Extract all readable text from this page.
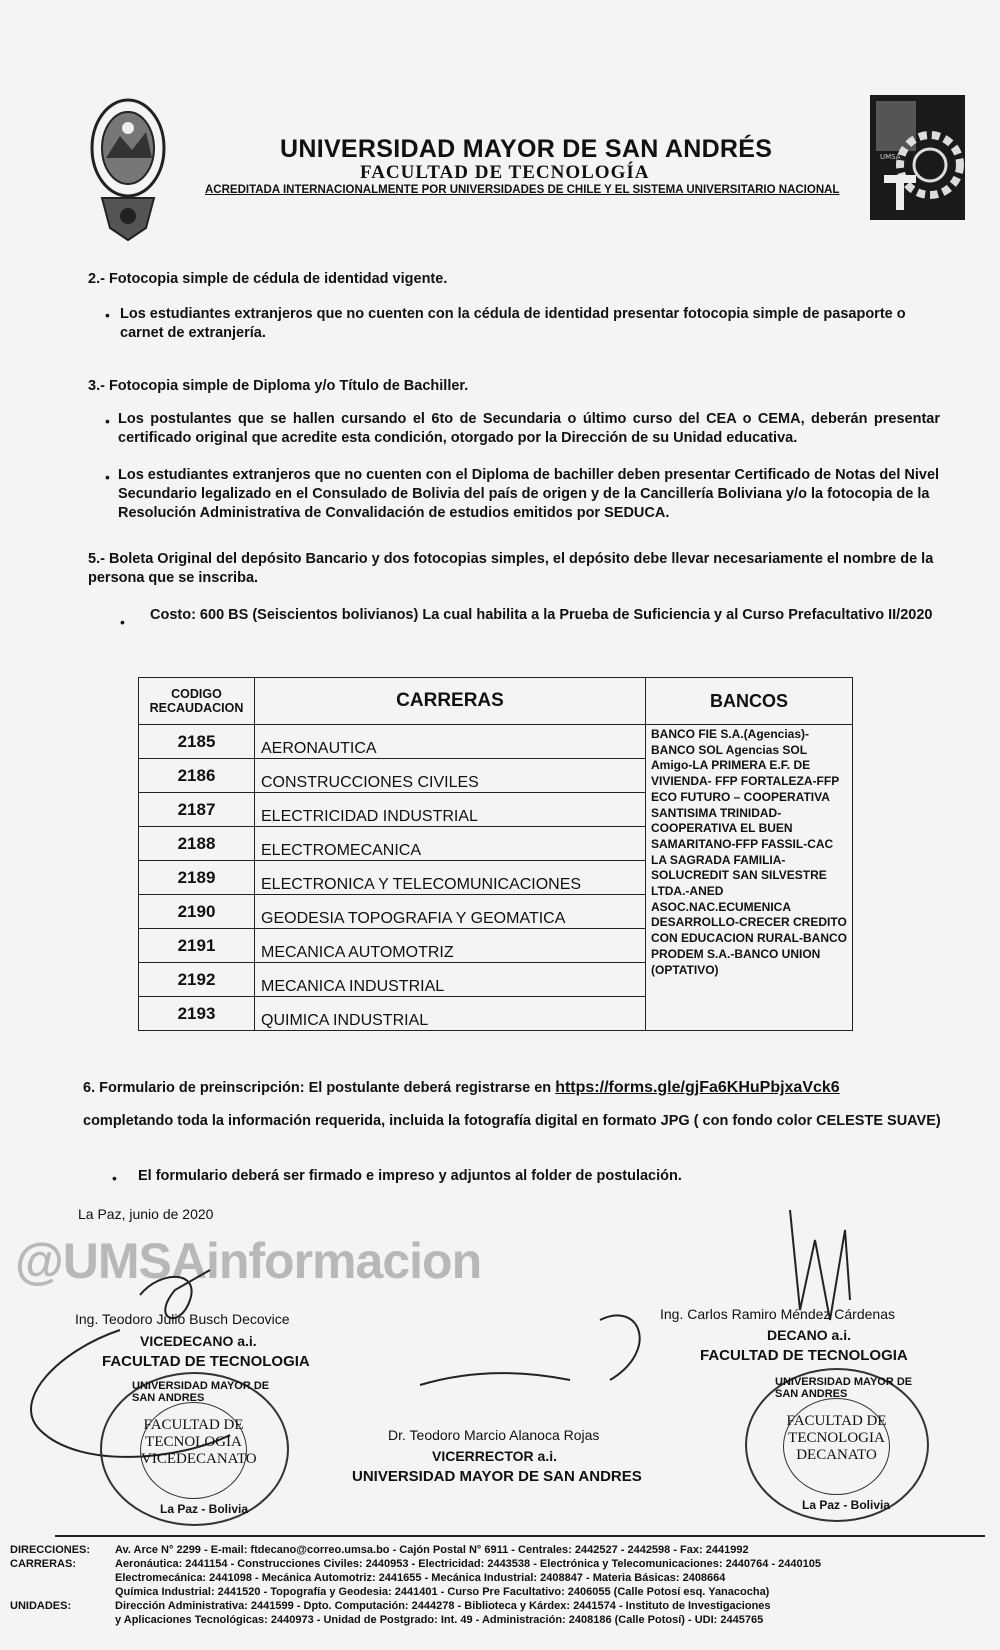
UNIVERSIDAD MAYOR DE SAN ANDRÉS
FACULTAD DE TECNOLOGÍA
ACREDITADA INTERNACIONALMENTE POR UNIVERSIDADES DE CHILE Y EL SISTEMA UNIVERSITARIO NACIONAL
UMSA
2.- Fotocopia simple de cédula de identidad vigente.
• Los estudiantes extranjeros que no cuenten con la cédula de identidad presentar fotocopia simple de pasaporte o carnet de extranjería.
3.- Fotocopia simple de Diploma y/o Título de Bachiller.
• Los postulantes que se hallen cursando el 6to de Secundaria o último curso del CEA o CEMA, deberán presentar certificado original que acredite esta condición, otorgado por la Dirección de su Unidad educativa.
• Los estudiantes extranjeros que no cuenten con el Diploma de bachiller deben presentar Certificado de Notas del Nivel Secundario legalizado en el Consulado de Bolivia del país de origen y de la Cancillería Boliviana y/o la fotocopia de la Resolución Administrativa de Convalidación de estudios emitidos por SEDUCA.
5.- Boleta Original del depósito Bancario y dos fotocopias simples, el depósito debe llevar necesariamente el nombre de la persona que se inscriba.
• Costo: 600 BS (Seiscientos bolivianos) La cual habilita a la Prueba de Suficiencia y al Curso Prefacultativo II/2020
CODIGO RECAUDACION	CARRERAS	BANCOS
2185	AERONAUTICA	BANCO FIE S.A.(Agencias)-BANCO SOL Agencias SOL Amigo-LA PRIMERA E.F. DE VIVIENDA- FFP FORTALEZA-FFP ECO FUTURO – COOPERATIVA SANTISIMA TRINIDAD-COOPERATIVA EL BUEN SAMARITANO-FFP FASSIL-CAC LA SAGRADA FAMILIA-SOLUCREDIT SAN SILVESTRE LTDA.-ANED ASOC.NAC.ECUMENICA DESARROLLO-CRECER CREDITO CON EDUCACION RURAL-BANCO PRODEM S.A.-BANCO UNION (OPTATIVO)
2186	CONSTRUCCIONES CIVILES	
2187	ELECTRICIDAD INDUSTRIAL	
2188	ELECTROMECANICA	
2189	ELECTRONICA Y TELECOMUNICACIONES	
2190	GEODESIA TOPOGRAFIA Y GEOMATICA	
2191	MECANICA AUTOMOTRIZ	
2192	MECANICA INDUSTRIAL	
2193	QUIMICA INDUSTRIAL	
6. Formulario de preinscripción: El postulante deberá registrarse en https://forms.gle/gjFa6KHuPbjxaVck6
completando toda la información requerida, incluida la fotografía digital en formato JPG ( con fondo color CELESTE SUAVE)
• El formulario deberá ser firmado e impreso y adjuntos al folder de postulación.
La Paz, junio de 2020
@UMSAinformacion
Ing. Teodoro Julio Busch Decovice
VICEDECANO a.i.
FACULTAD DE TECNOLOGIA
Ing. Carlos Ramiro Méndez Cárdenas
DECANO a.i.
FACULTAD DE TECNOLOGIA
Dr. Teodoro Marcio Alanoca Rojas
VICERRECTOR a.i.
UNIVERSIDAD MAYOR DE SAN ANDRES
UNIVERSIDAD MAYOR DE SAN ANDRES
FACULTAD DE
TECNOLOGIA
VICEDECANATO
La Paz - Bolivia
UNIVERSIDAD MAYOR DE SAN ANDRES
FACULTAD DE
TECNOLOGIA
DECANATO
La Paz - Bolivia
DIRECCIONES: Av. Arce N° 2299 - E-mail: ftdecano@correo.umsa.bo - Cajón Postal N° 6911 - Centrales: 2442527 - 2442598 - Fax: 2441992
CARRERAS:	Aeronáutica: 2441154 - Construcciones Civiles: 2440953 - Electricidad: 2443538 - Electrónica y Telecomunicaciones: 2440764 - 2440105
Electromecánica: 2441098 - Mecánica Automotriz: 2441655 - Mecánica Industrial: 2408847 - Materia Básicas: 2408664
Química Industrial: 2441520 - Topografía y Geodesia: 2441401 - Curso Pre Facultativo: 2406055 (Calle Potosí esq. Yanacocha)
UNIDADES:	Dirección Administrativa: 2441599 - Dpto. Computación: 2444278 - Biblioteca y Kárdex: 2441574 - Instituto de Investigaciones
y Aplicaciones Tecnológicas: 2440973 - Unidad de Postgrado: Int. 49 - Administración: 2408186 (Calle Potosí) - UDI: 2445765
